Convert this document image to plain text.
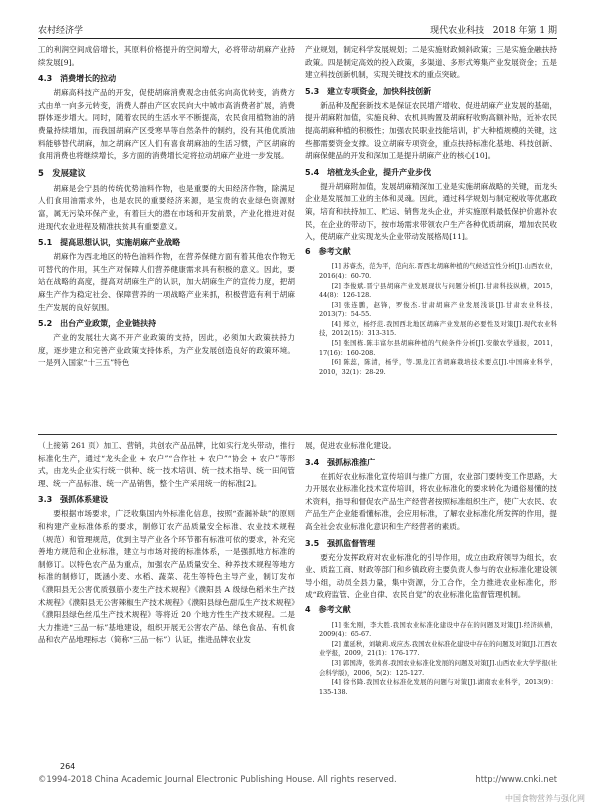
农村经济学	现代农业科技 2018 年第 1 期

工的利润空间成倍增长，其原料价格提升的空间增大，必将带动胡麻产业持续发展[9]。

4.3　消费增长的拉动

胡麻高科技产品的开发，促使胡麻消费观念由低劣向高优转变，消费方式由单一向多元转变，消费人群由产区农民向大中城市高消费者扩展，消费群体逐步增大。同时，随着农民的生活水平不断提高，农民食用植物油的消费量持续增加，而我国胡麻产区受寒旱等自然条件的制约，没有其他优质油料能够替代胡麻，加之胡麻产区人们有喜食胡麻油的生活习惯，产区胡麻的食用消费也将继续增长，多方面的消费增长定将拉动胡麻产业进一步发展。

5　发展建议

胡麻是会宁县的传统优势油料作物，也是重要的大田经济作物，除满足人们食用油需求外，也是农民的重要经济来源，是宝贵的农业绿色资源财富，属无污染环保产业，有着巨大的潜在市场和开发前景，产业化推进对促进现代农业进程及精准扶贫具有重要意义。

5.1　提高思想认识，实施胡麻产业战略

胡麻作为西北地区的特色油料作物，在营养保健方面有着其他农作物无可替代的作用，其生产对保障人们营养健康需求具有积极的意义。因此，要站在战略的高度，提高对胡麻生产的认识，加大胡麻生产的宣传力度，把胡麻生产作为稳定社会、保障营养的一项战略产业来抓，积极营造有利于胡麻生产发展的良好氛围。

5.2　出台产业政策，企业链扶持

产业的发展壮大离不开产业政策的支持，因此，必须加大政策扶持力度，逐步建立和完善产业政策支持体系，为产业发展创造良好的政策环境。一是列入国家“十三五”特色

产业规划，制定科学发展规划；二是实施财政倾斜政策；三是实施金融扶持政策。四是制定高效的投入政策，多渠道、多形式筹集产业发展资金；五是建立科技创新机制，实现关键技术的重点突破。

5.3　建立专项资金，加快科技创新

新品种及配套新技术是保证农民增产增收、促进胡麻产业发展的基础，提升胡麻附加值，实施良种、农机具购置及胡麻籽收购高额补贴，近补农民提高胡麻种植的积极性；加强农民职业技能培训，扩大种植规模的关键，这些都需要资金支撑。设立胡麻专项资金，重点扶持标准化基地、科技创新、胡麻保健品的开发和深加工是提升胡麻产业的核心[10]。

5.4　培植龙头企业，提升产业步伐

提升胡麻附加值，发展胡麻精深加工业是实施胡麻战略的关键，而龙头企业是发展加工业的主体和灵魂。因此，通过科学规划与制定税收等优惠政策，培育和扶持加工、贮运、销售龙头企业，并实施原料最低保护价惠补农民，在企业的带动下，按市场需求带领农户生产各种优质胡麻，增加农民收入，使胡麻产业实现龙头企业带动发展格局[11]。

6　参考文献

[1] 苏睿杰，范为平，范向东.晋西北胡麻种植的气候适宜性分析[J].山西农业，2016(4)：60-70.

[2] 李俊斌.晋宁县胡麻产业发展现状与问题分析[J].甘肃科技纵横，2015，44(8)：126-128.

[3] 张连鹏，赵锋，罗俊杰.甘肃胡麻产业发展浅谈[J].甘肃农业科技，2013(7)：54-55.

[4] 郑立，杨纾范.我国西北地区胡麻产业发展的必要性及对策[J].现代农业科技，2012(15)：313-315.

[5] 张国栋.陈丰富尔县胡麻种植的气候条件分析[J].安徽农学通报，2011，17(16)：160-208.

[6] 陈蕊，陈清，杨学，等.黑龙江省胡麻栽培技术要点[J].中国麻业科学，2010，32(1)：28-29.

（上接第 261 页）加工、营销，共创农产品品牌，比如实行龙头带动，推行标准化生产，通过“龙头企业 + 农户”“合作社 + 农户”“协会 + 农户”等形式，由龙头企业实行统一供种、统一技术培训、统一技术指导、统一田间管理、统一产品标准、统一产品销售，整个生产采用统一的标准[2]。

3.3　强抓体系建设

要根据市场要求，广泛收集国内外标准化信息，按照“查漏补缺”的原则和构建产业标准体系的要求，制修订农产品质量安全标准、农业技术规程（规范）和管理规范，优到主导产业各个环节都有标准可依的要求，补充完善地方规范和企业标准，建立与市场对接的标准体系，一是强抓地方标准的制修订。以特色农产品为重点，加强农产品质量安全、种养技术规程等地方标准的制修订，既涵小麦、水稻、蔬菜、花生等特色主导产业，制订发布《濮阳县无公害优质强筋小麦生产技术规程》《濮阳县 A 级绿色稻米生产技术规程》《濮阳县无公害辣椒生产技术规程》《濮阳县绿色甜瓜生产技术规程》《濮阳县绿色丝瓜生产技术规程》等将近 20 个地方性生产技术规程。二是大力推进“三品一标”基地建设，组织开展无公害农产品、绿色食品、有机食品和农产品地理标志（简称“三品一标”）认证，推进品牌农业发

展，促进农业标准化建设。

3.4　强抓标准推广

在抓好农业标准化宣传培训与推广方面，农业部门要转变工作思路，大力开展农业标准化技术宣传培训，将农业标准化的要求转化为通俗易懂的技术资料，指导和督促农产品生产经营者按照标准组织生产，使广大农民、农产品生产企业能看懂标准，会应用标准，了解农业标准化所发挥的作用，提高全社会农业标准化意识和生产经营者的素质。

3.5　强抓监督管理

要充分发挥政府对农业标准化的引导作用，成立由政府领导为组长，农业、质监工商、财政等部门和乡镇政府主要负责人参与的农业标准化建设领导小组，动员全县力量，集中资源，分工合作，全力推进农业标准化，形成“政府监管、企业自律、农民自觉”的农业标准化监督管理机制。

4　参考文献

[1] 张允刚，李大胜.我国农业标准化建设中存在的问题及对策[J].经济纵横，2009(4)：65-67.

[2] 董延秋，刘敏莉.成应杰.我国农业标准化建设中存在的问题及对策[J].江西农业学报，2009，21(1)：176-177.

[3] 郭国涛，张鸿喜.我国农业标准化发展的问题及对策[J].山西农业大学学报(社会科学版)，2006，5(2)：125-127.

[4] 徐书降.我国农业标准化发展的问题与对策[J].湖南农业科学，2013(9)：135-138.

264
©1994-2018 China Academic Journal Electronic Publishing House. All rights reserved.	http://www.cnki.net
中国食物营养与强化网
